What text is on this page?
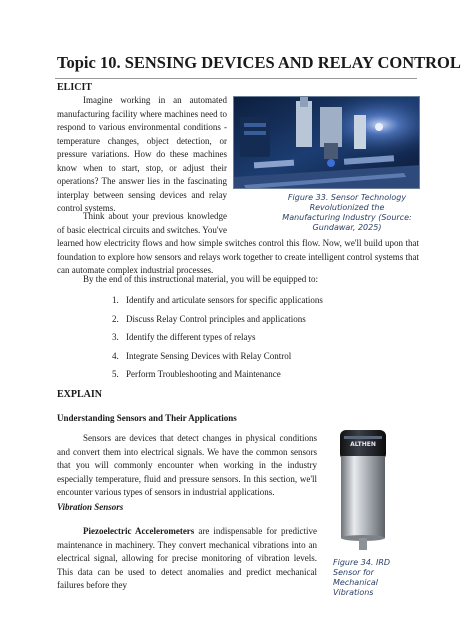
Topic 10. SENSING DEVICES AND RELAY CONTROL
ELICIT
Imagine working in an automated manufacturing facility where machines need to respond to various environmental conditions - temperature changes, object detection, or pressure variations. How do these machines know when to start, stop, or adjust their operations? The answer lies in the fascinating interplay between sensing devices and relay control systems.
Figure 33. Sensor Technology Revolutionized the
Manufacturing Industry (Source:
Gundawar, 2025)
Think about your previous knowledge of basic electrical circuits and switches. You've
learned how electricity flows and how simple switches control this flow. Now, we'll build upon that foundation to explore how sensors and relays work together to create intelligent control systems that can automate complex industrial processes.
By the end of this instructional material, you will be equipped to:
1. Identify and articulate sensors for specific applications
2. Discuss Relay Control principles and applications
3. Identify the different types of relays
4. Integrate Sensing Devices with Relay Control
5. Perform Troubleshooting and Maintenance
EXPLAIN
Understanding Sensors and Their Applications
Sensors are devices that detect changes in physical conditions and convert them into electrical signals. We have the common sensors that you will commonly encounter when working in the industry especially temperature, fluid and pressure sensors. In this section, we'll encounter various types of sensors in industrial applications.
Vibration Sensors
Piezoelectric Accelerometers are indispensable for predictive maintenance in machinery. They convert mechanical vibrations into an electrical signal, allowing for precise monitoring of vibration levels. This data can be used to detect anomalies and predict mechanical failures before they
ALTHEN
Figure 34. IRD
Sensor for
Mechanical
Vibrations
